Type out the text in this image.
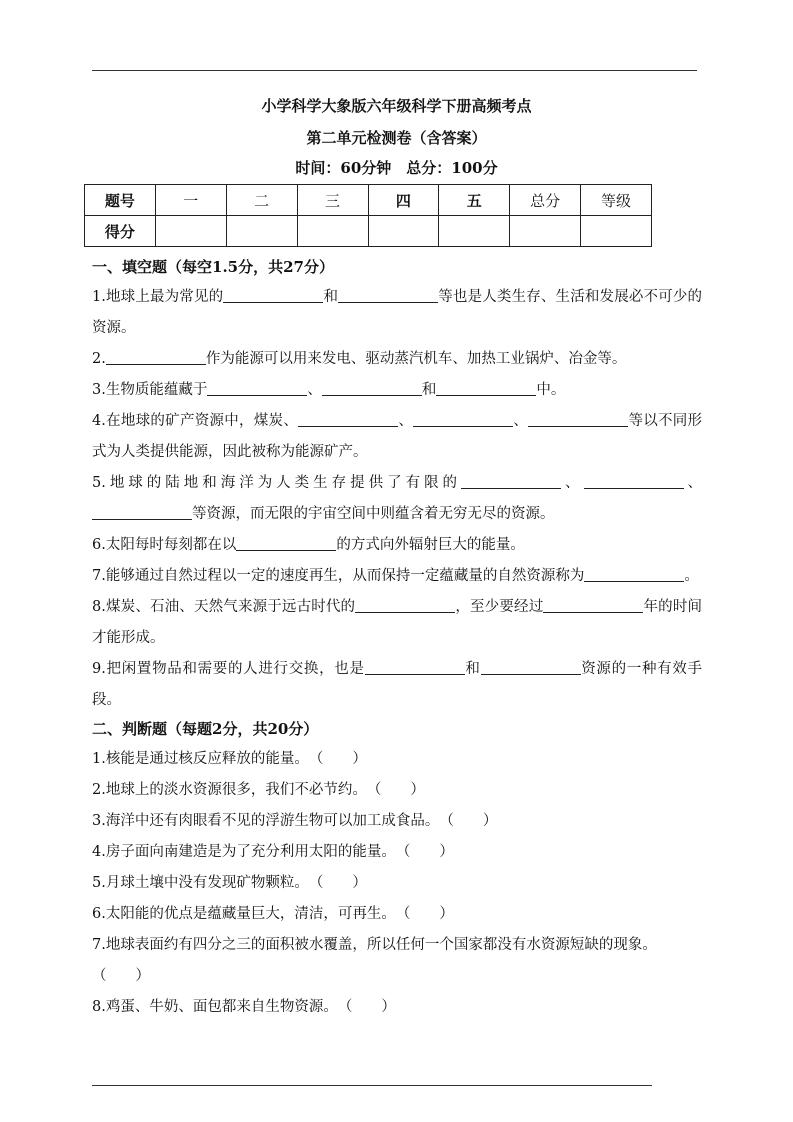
小学科学大象版六年级科学下册高频考点
第二单元检测卷（含答案）
时间：60分钟　总分：100分
题号	一	二	三	四	五	总分	等级
得分							
一、填空题（每空1.5分，共27分）
1.地球上最为常见的	和	等也是人类生存、生活和发展必不可少的资源。
2.	作为能源可以用来发电、驱动蒸汽机车、加热工业锅炉、冶金等。
3.生物质能蕴藏于	、	和	中。
4.在地球的矿产资源中，煤炭、	、	、	等以不同形式为人类提供能源，因此被称为能源矿产。
5.地球的陆地和海洋为人类生存提供了有限的	、	、等资源，而无限的宇宙空间中则蕴含着无穷无尽的资源。
6.太阳每时每刻都在以	的方式向外辐射巨大的能量。
7.能够通过自然过程以一定的速度再生，从而保持一定蕴藏量的自然资源称为	。
8.煤炭、石油、天然气来源于远古时代的	，至少要经过	年的时间才能形成。
9.把闲置物品和需要的人进行交换，也是	和	资源的一种有效手段。
二、判断题（每题2分，共20分）
1.核能是通过核反应释放的能量。（　　 ）
2.地球上的淡水资源很多，我们不必节约。（　　 ）
3.海洋中还有肉眼看不见的浮游生物可以加工成食品。（　　 ）
4.房子面向南建造是为了充分利用太阳的能量。（　　 ）
5.月球土壤中没有发现矿物颗粒。（　　 ）
6.太阳能的优点是蕴藏量巨大，清洁，可再生。（　　 ）
7.地球表面约有四分之三的面积被水覆盖，所以任何一个国家都没有水资源短缺的现象。
（　　 ）
8.鸡蛋、牛奶、面包都来自生物资源。（　　 ）
